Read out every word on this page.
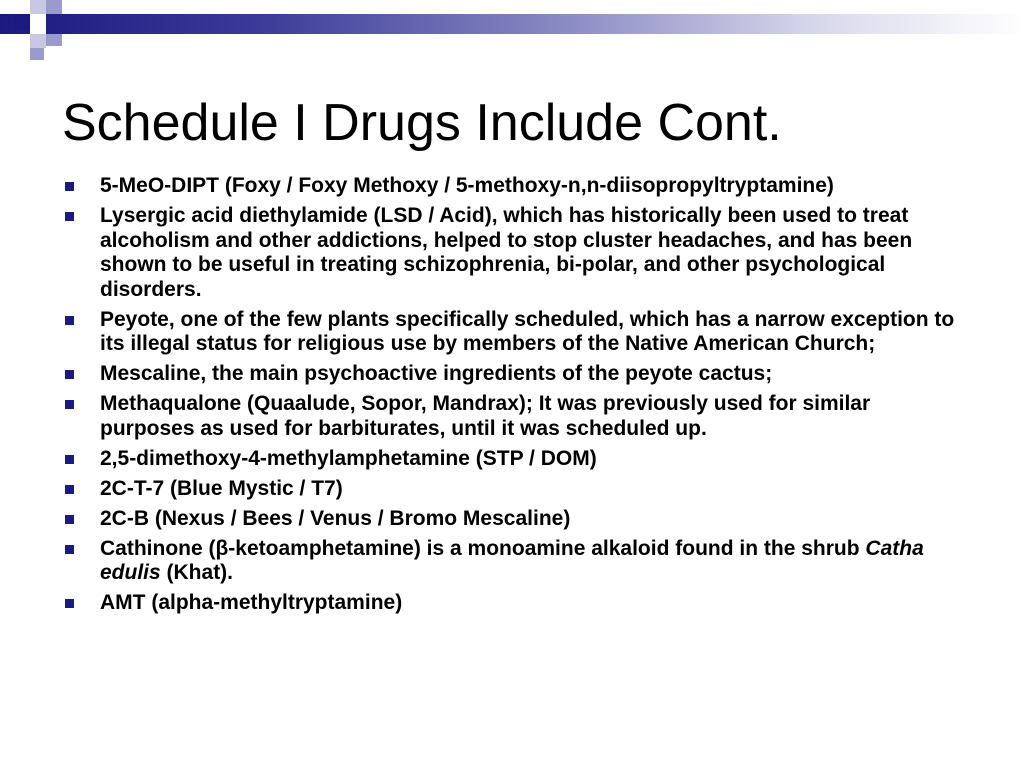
Schedule I Drugs Include Cont.
5-MeO-DIPT (Foxy / Foxy Methoxy / 5-methoxy-n,n-diisopropyltryptamine)
Lysergic acid diethylamide (LSD / Acid), which has historically been used to treat alcoholism and other addictions, helped to stop cluster headaches, and has been shown to be useful in treating schizophrenia, bi-polar, and other psychological disorders.
Peyote, one of the few plants specifically scheduled, which has a narrow exception to its illegal status for religious use by members of the Native American Church;
Mescaline, the main psychoactive ingredients of the peyote cactus;
Methaqualone (Quaalude, Sopor, Mandrax); It was previously used for similar purposes as used for barbiturates, until it was scheduled up.
2,5-dimethoxy-4-methylamphetamine (STP / DOM)
2C-T-7 (Blue Mystic / T7)
2C-B (Nexus / Bees / Venus / Bromo Mescaline)
Cathinone (β-ketoamphetamine) is a monoamine alkaloid found in the shrub Catha edulis (Khat).
AMT (alpha-methyltryptamine)
